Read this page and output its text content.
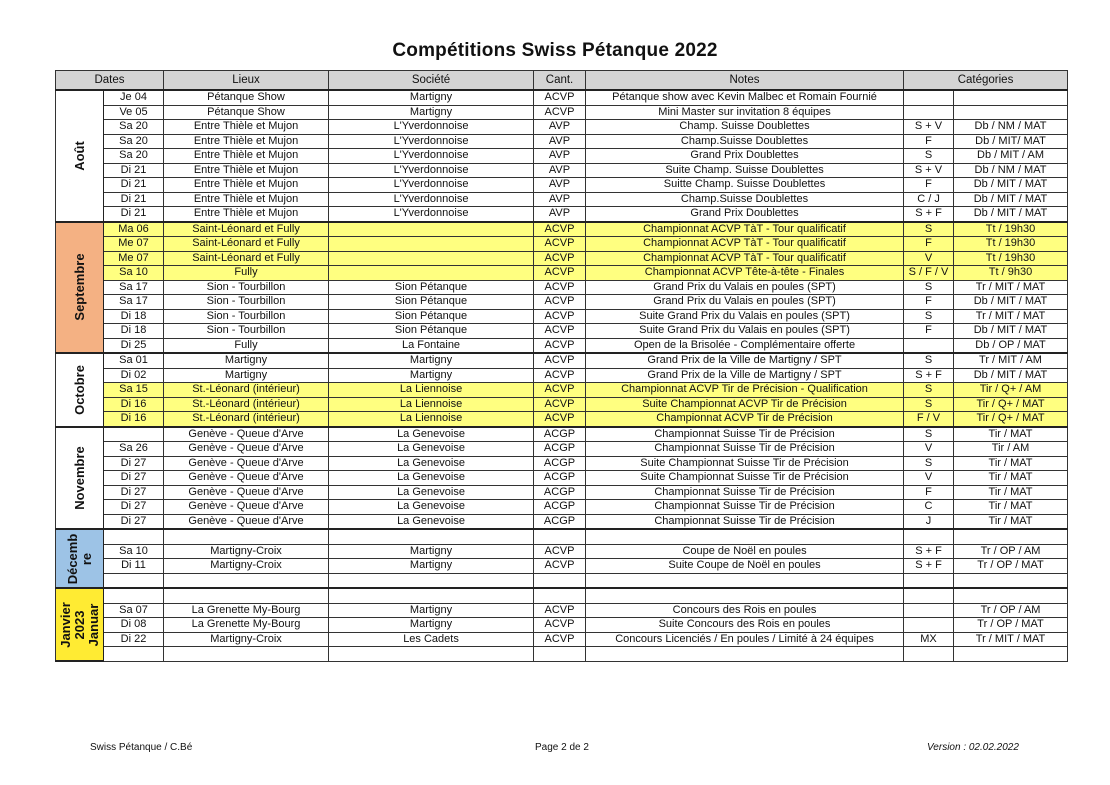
Compétitions Swiss Pétanque 2022
Dates		Lieux	Société	Cant.	Notes	Catégories	

Août	Je 04	Pétanque Show	Martigny	ACVP	Pétanque show avec Kevin Malbec et Romain Fournié		
	Ve 05	Pétanque Show	Martigny	ACVP	Mini Master sur invitation 8 équipes		
	Sa 20	Entre Thièle et Mujon	L'Yverdonnoise	AVP	Champ. Suisse Doublettes	S + V	Db / NM / MAT
	Sa 20	Entre Thièle et Mujon	L'Yverdonnoise	AVP	Champ.Suisse Doublettes	F	Db / MIT/ MAT
	Sa 20	Entre Thièle et Mujon	L'Yverdonnoise	AVP	Grand Prix Doublettes	S	Db / MIT / AM
	Di 21	Entre Thièle et Mujon	L'Yverdonnoise	AVP	Suite Champ. Suisse Doublettes	S + V	Db / NM / MAT
	Di 21	Entre Thièle et Mujon	L'Yverdonnoise	AVP	Suitte Champ. Suisse Doublettes	F	Db / MIT / MAT
	Di 21	Entre Thièle et Mujon	L'Yverdonnoise	AVP	Champ.Suisse Doublettes	C / J	Db / MIT / MAT
	Di 21	Entre Thièle et Mujon	L'Yverdonnoise	AVP	Grand Prix Doublettes	S + F	Db / MIT / MAT

Septembre	Ma 06	Saint-Léonard et Fully		ACVP	Championnat ACVP TàT - Tour qualificatif	S	Tt / 19h30
	Me 07	Saint-Léonard et Fully		ACVP	Championnat ACVP TàT - Tour qualificatif	F	Tt / 19h30
	Me 07	Saint-Léonard et Fully		ACVP	Championnat ACVP TàT - Tour qualificatif	V	Tt / 19h30
	Sa 10	Fully		ACVP	Championnat ACVP Tête-à-tête - Finales	S / F / V	Tt / 9h30
	Sa 17	Sion - Tourbillon	Sion Pétanque	ACVP	Grand Prix du Valais en poules (SPT)	S	Tr / MIT / MAT
	Sa 17	Sion - Tourbillon	Sion Pétanque	ACVP	Grand Prix du Valais en poules (SPT)	F	Db / MIT / MAT
	Di 18	Sion - Tourbillon	Sion Pétanque	ACVP	Suite Grand Prix du Valais en poules (SPT)	S	Tr / MIT / MAT
	Di 18	Sion - Tourbillon	Sion Pétanque	ACVP	Suite Grand Prix du Valais en poules (SPT)	F	Db / MIT / MAT
	Di 25	Fully	La Fontaine	ACVP	Open de la Brisolée - Complémentaire offerte		Db / OP / MAT

Octobre	Sa 01	Martigny	Martigny	ACVP	Grand Prix de la Ville de Martigny / SPT	S	Tr / MIT / AM
	Di 02	Martigny	Martigny	ACVP	Grand Prix de la Ville de Martigny / SPT	S + F	Db / MIT / MAT
	Sa 15	St.-Léonard (intérieur)	La Liennoise	ACVP	Championnat ACVP Tir de Précision - Qualification	S	Tir / Q+ / AM
	Di 16	St.-Léonard (intérieur)	La Liennoise	ACVP	Suite Championnat ACVP Tir de Précision	S	Tir / Q+ / MAT
	Di 16	St.-Léonard (intérieur)	La Liennoise	ACVP	Championnat ACVP Tir de Précision	F / V	Tir / Q+ / MAT

Novembre		Genève - Queue d'Arve	La Genevoise	ACGP	Championnat Suisse Tir de Précision	S	Tir / MAT
	Sa 26	Genève - Queue d'Arve	La Genevoise	ACGP	Championnat Suisse Tir de Précision	V	Tir / AM
	Di 27	Genève - Queue d'Arve	La Genevoise	ACGP	Suite Championnat Suisse Tir de Précision	S	Tir / MAT
	Di 27	Genève - Queue d'Arve	La Genevoise	ACGP	Suite Championnat Suisse Tir de Précision	V	Tir / MAT
	Di 27	Genève - Queue d'Arve	La Genevoise	ACGP	Championnat Suisse Tir de Précision	F	Tir / MAT
	Di 27	Genève - Queue d'Arve	La Genevoise	ACGP	Championnat Suisse Tir de Précision	C	Tir / MAT
	Di 27	Genève - Queue d'Arve	La Genevoise	ACGP	Championnat Suisse Tir de Précision	J	Tir / MAT

Décemb re							

	Sa 10	Martigny-Croix	Martigny	ACVP	Coupe de Noël en poules	S + F	Tr / OP / AM
	Di 11	Martigny-Croix	Martigny	ACVP	Suite Coupe de Noël en poules	S + F	Tr / OP / MAT

Janvier 2023 Januar							

	Sa 07	La Grenette My-Bourg	Martigny	ACVP	Concours des Rois en poules		Tr / OP / AM
	Di 08	La Grenette My-Bourg	Martigny	ACVP	Suite Concours des Rois en poules		Tr / OP / MAT
	Di 22	Martigny-Croix	Les Cadets	ACVP	Concours Licenciés / En poules / Limité à 24 équipes	MX	Tr / MIT / MAT

Swiss Pétanque / C.Bé	Page 2 de 2	Version : 02.02.2022
